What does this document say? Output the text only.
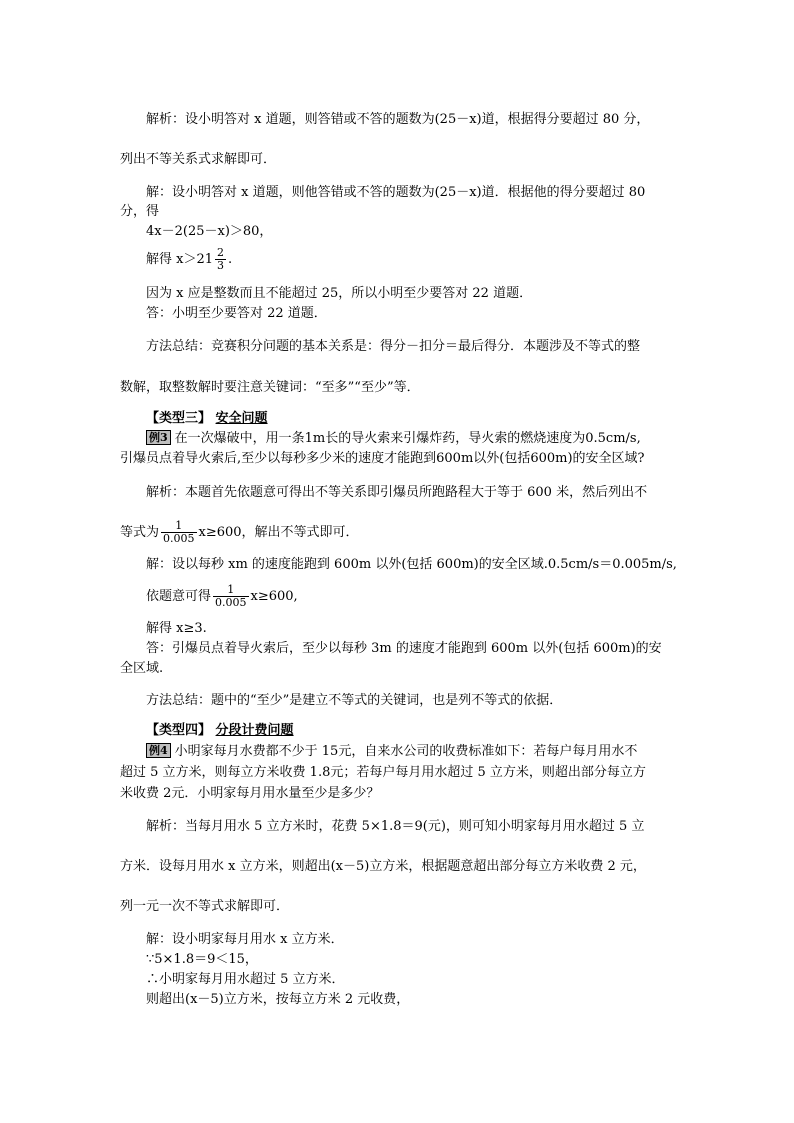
解析：设小明答对 x 道题，则答错或不答的题数为(25－x)道，根据得分要超过 80 分，
列出不等关系式求解即可．
解：设小明答对 x 道题，则他答错或不答的题数为(25－x)道．根据他的得分要超过 80
分，得
4x－2(25－x)＞80，
解得 $x>21 \frac{2}{3}$ .
因为 x 应是整数而且不能超过 25，所以小明至少要答对 22 道题．
答：小明至少要答对 22 道题．
方法总结：竞赛积分问题的基本关系是：得分－扣分＝最后得分．本题涉及不等式的整
数解，取整数解时要注意关键词：“至多”“至少”等．
【类型三】 安全问题
例3 在一次爆破中，用一条1m长的导火索来引爆炸药，导火索的燃烧速度为0.5cm/s,
引爆员点着导火索后,至少以每秒多少米的速度才能跑到600m以外(包括600m)的安全区域?
解析：本题首先依题意可得出不等关系即引爆员所跑路程大于等于 600 米，然后列出不
等式为 $\frac{1}{0.005} x\ge 600$，解出不等式即可．
解：设以每秒 xm 的速度能跑到 600m 以外(包括 600m)的安全区域.0.5cm/s＝0.005m/s,
依题意可得 $\frac{1}{0.005} x\ge 600$,
解得 x≥3.
答：引爆员点着导火索后，至少以每秒 3m 的速度才能跑到 600m 以外(包括 600m)的安
全区域.
方法总结：题中的“至少”是建立不等式的关键词，也是列不等式的依据．
【类型四】 分段计费问题
例4 小明家每月水费都不少于 15元，自来水公司的收费标准如下：若每户每月用水不
超过 5 立方米，则每立方米收费 1.8元；若每户每月用水超过 5 立方米，则超出部分每立方
米收费 2元．小明家每月用水量至少是多少？
解析：当每月用水 5 立方米时，花费 5×1.8＝9(元)，则可知小明家每月用水超过 5 立
方米．设每月用水 x 立方米，则超出(x－5)立方米，根据题意超出部分每立方米收费 2 元，
列一元一次不等式求解即可．
解：设小明家每月用水 x 立方米．
∵5×1.8＝9＜15，
∴小明家每月用水超过 5 立方米．
则超出(x－5)立方米，按每立方米 2 元收费，
